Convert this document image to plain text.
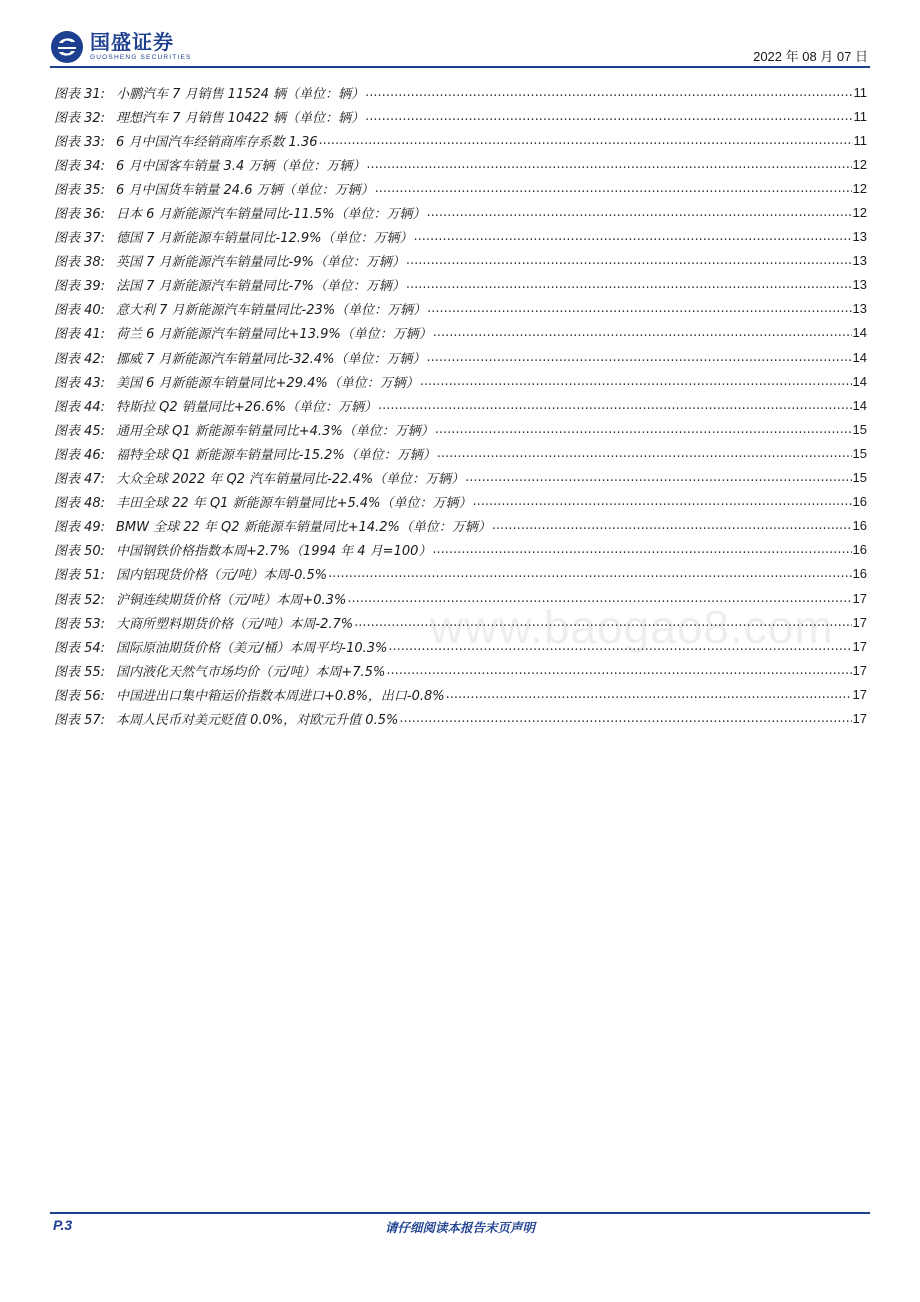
国盛证券
GUOSHENG SECURITIES	2022 年 08 月 07 日
图表 31: 小鹏汽车 7 月销售 11524 辆（单位：辆） .....	11
图表 32: 理想汽车 7 月销售 10422 辆（单位：辆） .....	11
图表 33: 6 月中国汽车经销商库存系数 1.36 .....	11
图表 34: 6 月中国客车销量 3.4 万辆（单位：万辆） .....	12
图表 35: 6 月中国货车销量 24.6 万辆（单位：万辆） .....	12
图表 36: 日本 6 月新能源汽车销量同比-11.5%（单位：万辆） .....	12
图表 37: 德国 7 月新能源车销量同比-12.9%（单位：万辆） .....	13
图表 38: 英国 7 月新能源汽车销量同比-9%（单位：万辆） .....	13
图表 39: 法国 7 月新能源汽车销量同比-7%（单位：万辆） .....	13
图表 40: 意大利 7 月新能源汽车销量同比-23%（单位：万辆） .....	13
图表 41: 荷兰 6 月新能源汽车销量同比+13.9%（单位：万辆） .....	14
图表 42: 挪威 7 月新能源汽车销量同比-32.4%（单位：万辆） .....	14
图表 43: 美国 6 月新能源车销量同比+29.4%（单位：万辆） .....	14
图表 44: 特斯拉 Q2 销量同比+26.6%（单位：万辆） .....	14
图表 45: 通用全球 Q1 新能源车销量同比+4.3%（单位：万辆） .....	15
图表 46: 福特全球 Q1 新能源车销量同比-15.2%（单位：万辆） .....	15
图表 47: 大众全球 2022 年 Q2 汽车销量同比-22.4%（单位：万辆） .....	15
图表 48: 丰田全球 22 年 Q1 新能源车销量同比+5.4%（单位：万辆） .....	16
图表 49: BMW 全球 22 年 Q2 新能源车销量同比+14.2%（单位：万辆） .....	16
图表 50: 中国钢铁价格指数本周+2.7%（1994 年 4 月=100） .....	16
图表 51: 国内铝现货价格（元/吨）本周-0.5% .....	16
图表 52: 沪铜连续期货价格（元/吨）本周+0.3% .....	17
图表 53: 大商所塑料期货价格（元/吨）本周-2.7% .....	17
图表 54: 国际原油期货价格（美元/桶）本周平均-10.3% .....	17
图表 55: 国内液化天然气市场均价（元/吨）本周+7.5% .....	17
图表 56: 中国进出口集中箱运价指数本周进口+0.8%，出口-0.8% .....	17
图表 57: 本周人民币对美元贬值 0.0%，对欧元升值 0.5% .....	17
www.baogao8.com
P.3	请仔细阅读本报告末页声明
